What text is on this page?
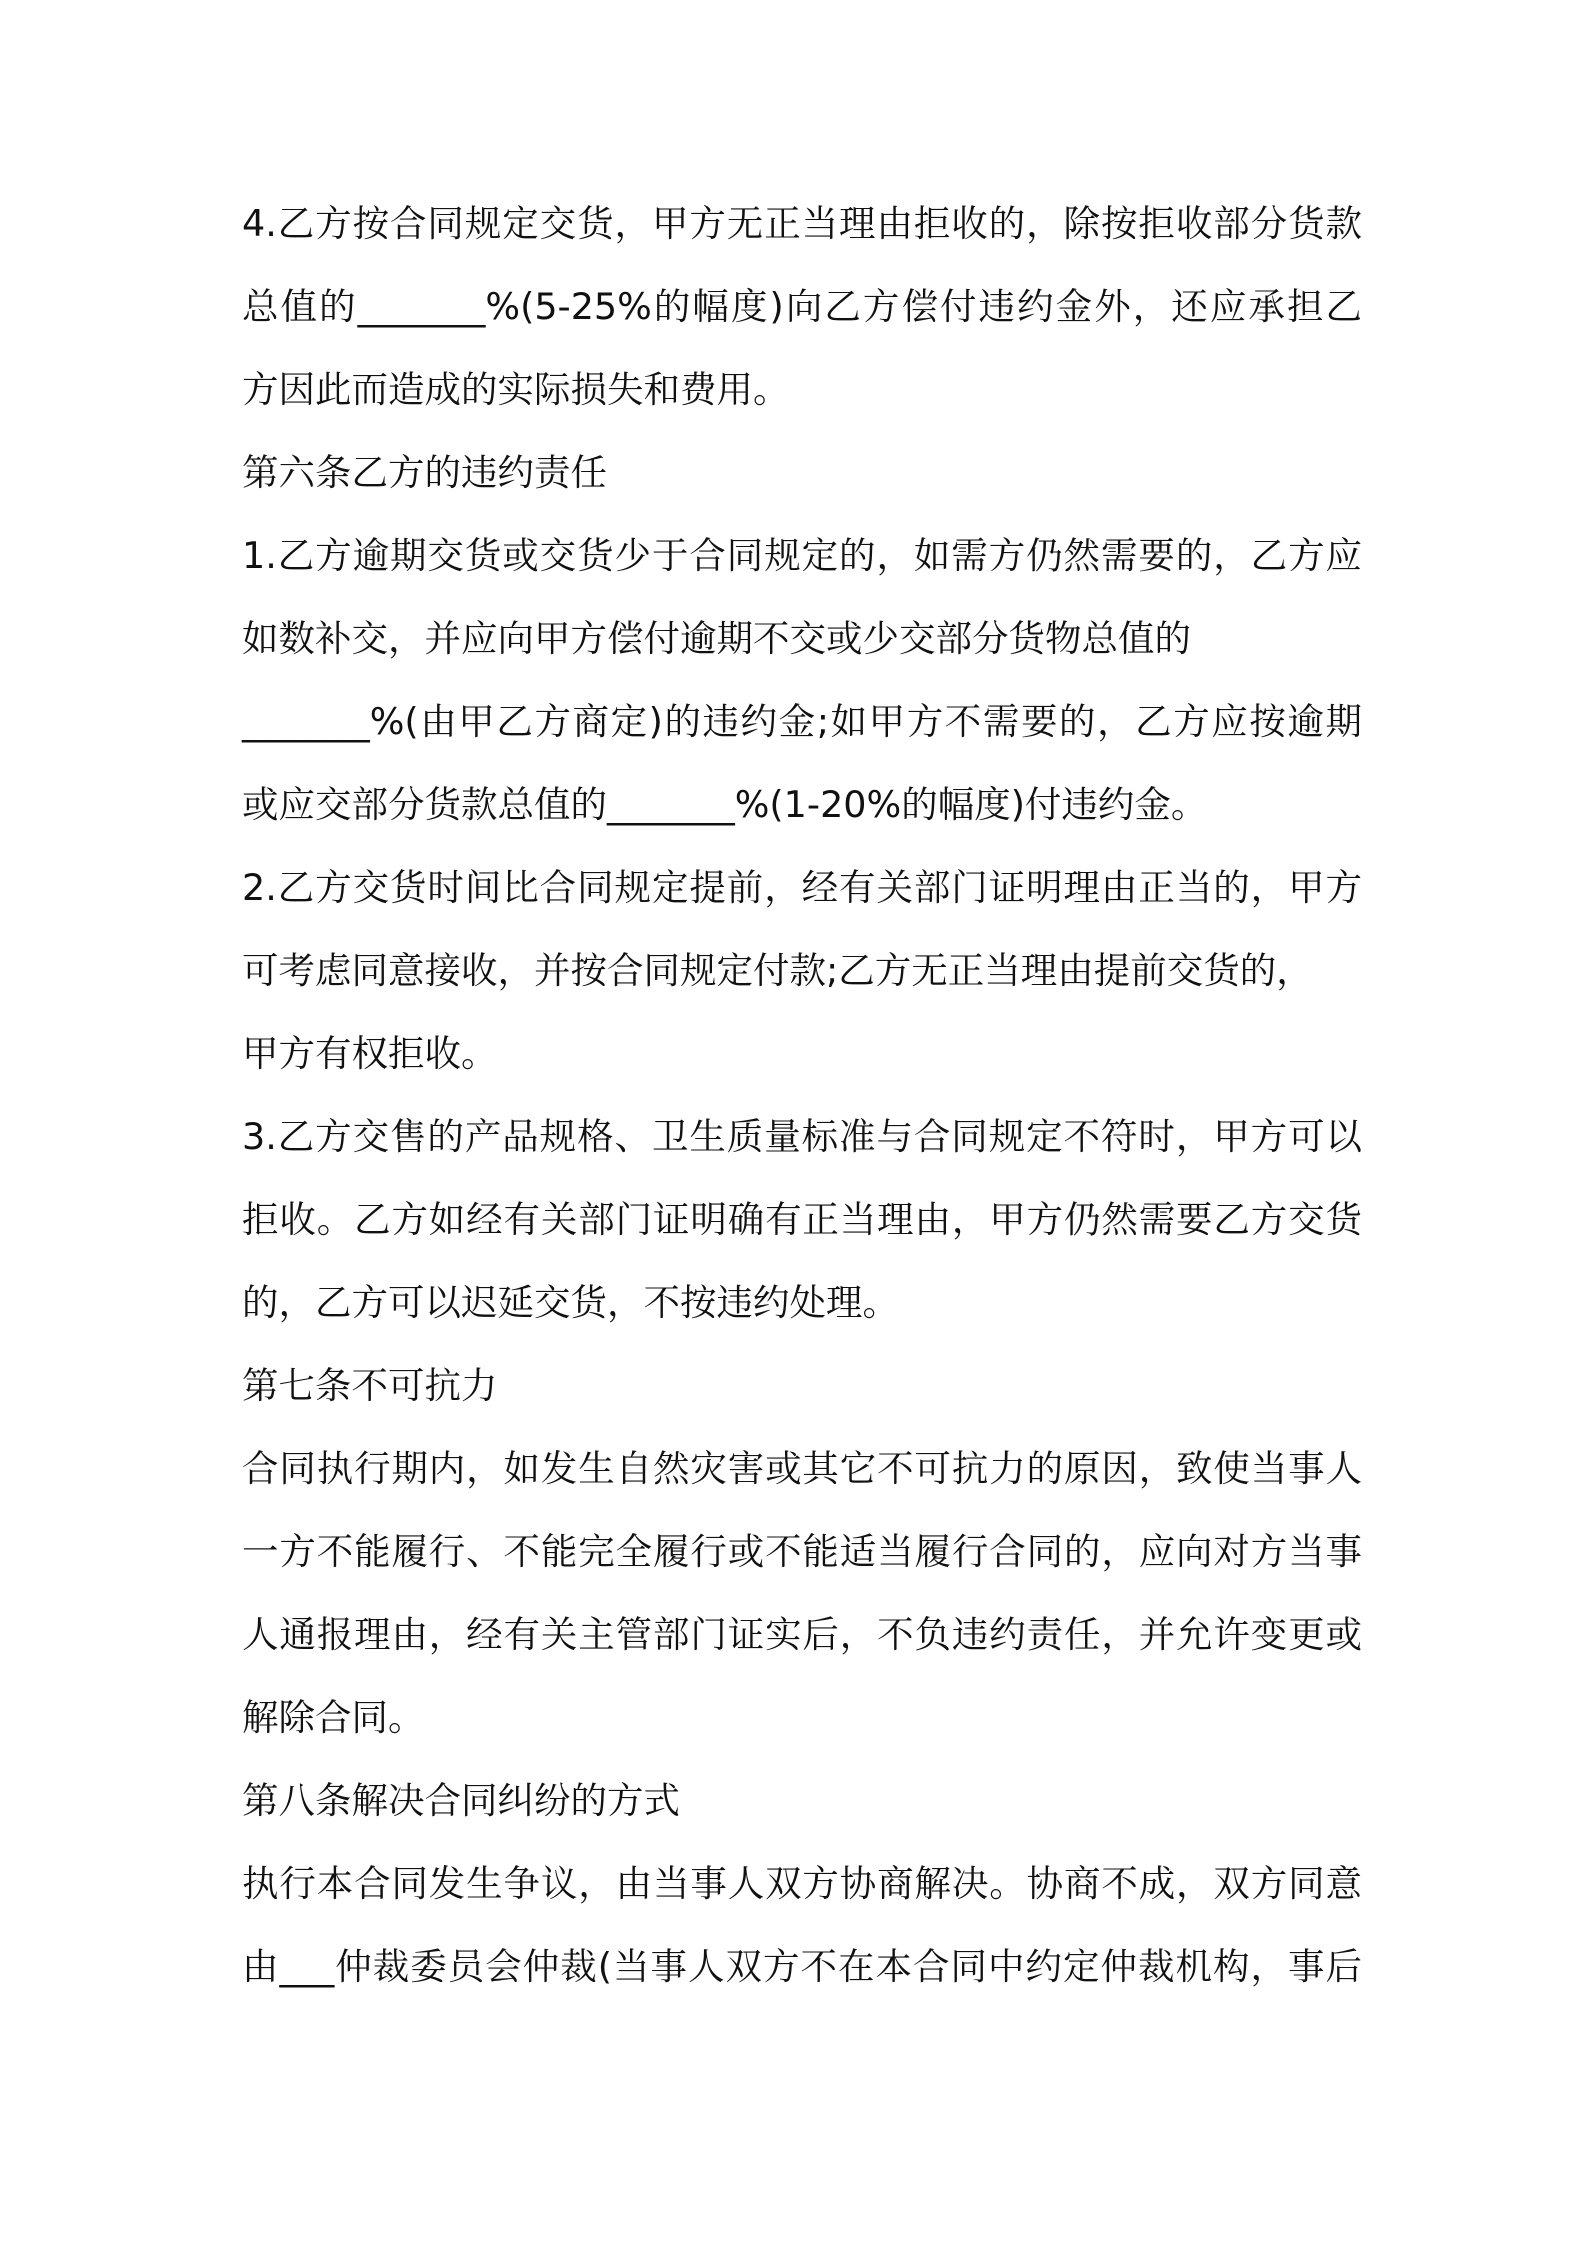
4.乙方按合同规定交货，甲方无正当理由拒收的，除按拒收部分货款
总值的_______%(5-25%的幅度)向乙方偿付违约金外，还应承担乙
方因此而造成的实际损失和费用。
第六条乙方的违约责任
1.乙方逾期交货或交货少于合同规定的，如需方仍然需要的，乙方应
如数补交，并应向甲方偿付逾期不交或少交部分货物总值的
_______%(由甲乙方商定)的违约金;如甲方不需要的，乙方应按逾期
或应交部分货款总值的_______%(1-20%的幅度)付违约金。
2.乙方交货时间比合同规定提前，经有关部门证明理由正当的，甲方
可考虑同意接收，并按合同规定付款;乙方无正当理由提前交货的，
甲方有权拒收。
3.乙方交售的产品规格、卫生质量标准与合同规定不符时，甲方可以
拒收。乙方如经有关部门证明确有正当理由，甲方仍然需要乙方交货
的，乙方可以迟延交货，不按违约处理。
第七条不可抗力
合同执行期内，如发生自然灾害或其它不可抗力的原因，致使当事人
一方不能履行、不能完全履行或不能适当履行合同的，应向对方当事
人通报理由，经有关主管部门证实后，不负违约责任，并允许变更或
解除合同。
第八条解决合同纠纷的方式
执行本合同发生争议，由当事人双方协商解决。协商不成，双方同意
由___仲裁委员会仲裁(当事人双方不在本合同中约定仲裁机构，事后
